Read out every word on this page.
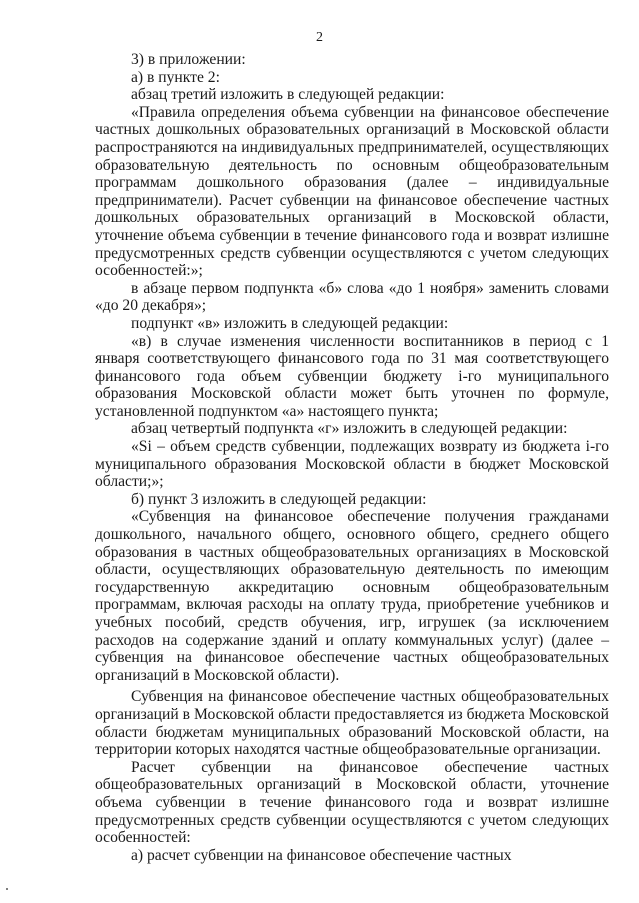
2

3) в приложении:

а) в пункте 2:

абзац третий изложить в следующей редакции:

«Правила определения объема субвенции на финансовое обеспечение частных дошкольных образовательных организаций в Московской области распространяются на индивидуальных предпринимателей, осуществляющих образовательную деятельность по основным общеобразовательным программам дошкольного образования (далее – индивидуальные предприниматели). Расчет субвенции на финансовое обеспечение частных дошкольных образовательных организаций в Московской области, уточнение объема субвенции в течение финансового года и возврат излишне предусмотренных средств субвенции осуществляются с учетом следующих особенностей:»;

в абзаце первом подпункта «б» слова «до 1 ноября» заменить словами «до 20 декабря»;

подпункт «в» изложить в следующей редакции:

«в) в случае изменения численности воспитанников в период с 1 января соответствующего финансового года по 31 мая соответствующего финансового года объем субвенции бюджету i-го муниципального образования Московской области может быть уточнен по формуле, установленной подпунктом «а» настоящего пункта;

абзац четвертый подпункта «г» изложить в следующей редакции:

«Si – объем средств субвенции, подлежащих возврату из бюджета i-го муниципального образования Московской области в бюджет Московской области;»;

б) пункт 3 изложить в следующей редакции:

«Субвенция на финансовое обеспечение получения гражданами дошкольного, начального общего, основного общего, среднего общего образования в частных общеобразовательных организациях в Московской области, осуществляющих образовательную деятельность по имеющим государственную аккредитацию основным общеобразовательным программам, включая расходы на оплату труда, приобретение учебников и учебных пособий, средств обучения, игр, игрушек (за исключением расходов на содержание зданий и оплату коммунальных услуг) (далее – субвенция на финансовое обеспечение частных общеобразовательных организаций в Московской области).

Субвенция на финансовое обеспечение частных общеобразовательных организаций в Московской области предоставляется из бюджета Московской области бюджетам муниципальных образований Московской области, на территории которых находятся частные общеобразовательные организации.

Расчет субвенции на финансовое обеспечение частных общеобразовательных организаций в Московской области, уточнение объема субвенции в течение финансового года и возврат излишне предусмотренных средств субвенции осуществляются с учетом следующих особенностей:

а) расчет субвенции на финансовое обеспечение частных
